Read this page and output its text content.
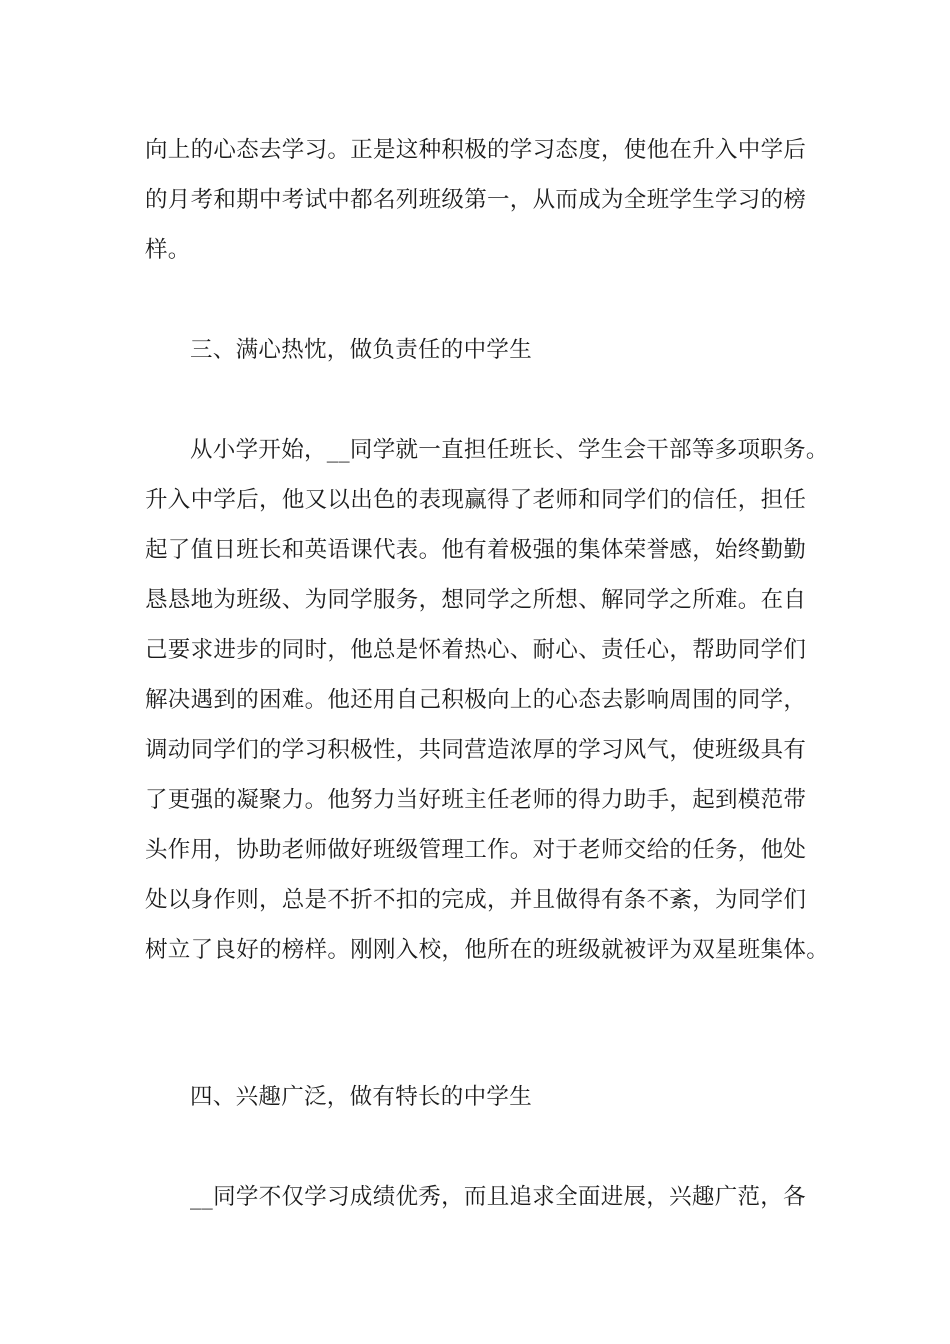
向上的心态去学习。正是这种积极的学习态度，使他在升入中学后
的月考和期中考试中都名列班级第一，从而成为全班学生学习的榜
样。
三、满心热忱，做负责任的中学生
从小学开始，__同学就一直担任班长、学生会干部等多项职务。
升入中学后，他又以出色的表现赢得了老师和同学们的信任，担任
起了值日班长和英语课代表。他有着极强的集体荣誉感，始终勤勤
恳恳地为班级、为同学服务，想同学之所想、解同学之所难。在自
己要求进步的同时，他总是怀着热心、耐心、责任心，帮助同学们
解决遇到的困难。他还用自己积极向上的心态去影响周围的同学，
调动同学们的学习积极性，共同营造浓厚的学习风气，使班级具有
了更强的凝聚力。他努力当好班主任老师的得力助手，起到模范带
头作用，协助老师做好班级管理工作。对于老师交给的任务，他处
处以身作则，总是不折不扣的完成，并且做得有条不紊，为同学们
树立了良好的榜样。刚刚入校，他所在的班级就被评为双星班集体。
四、兴趣广泛，做有特长的中学生
__同学不仅学习成绩优秀，而且追求全面进展，兴趣广范，各
